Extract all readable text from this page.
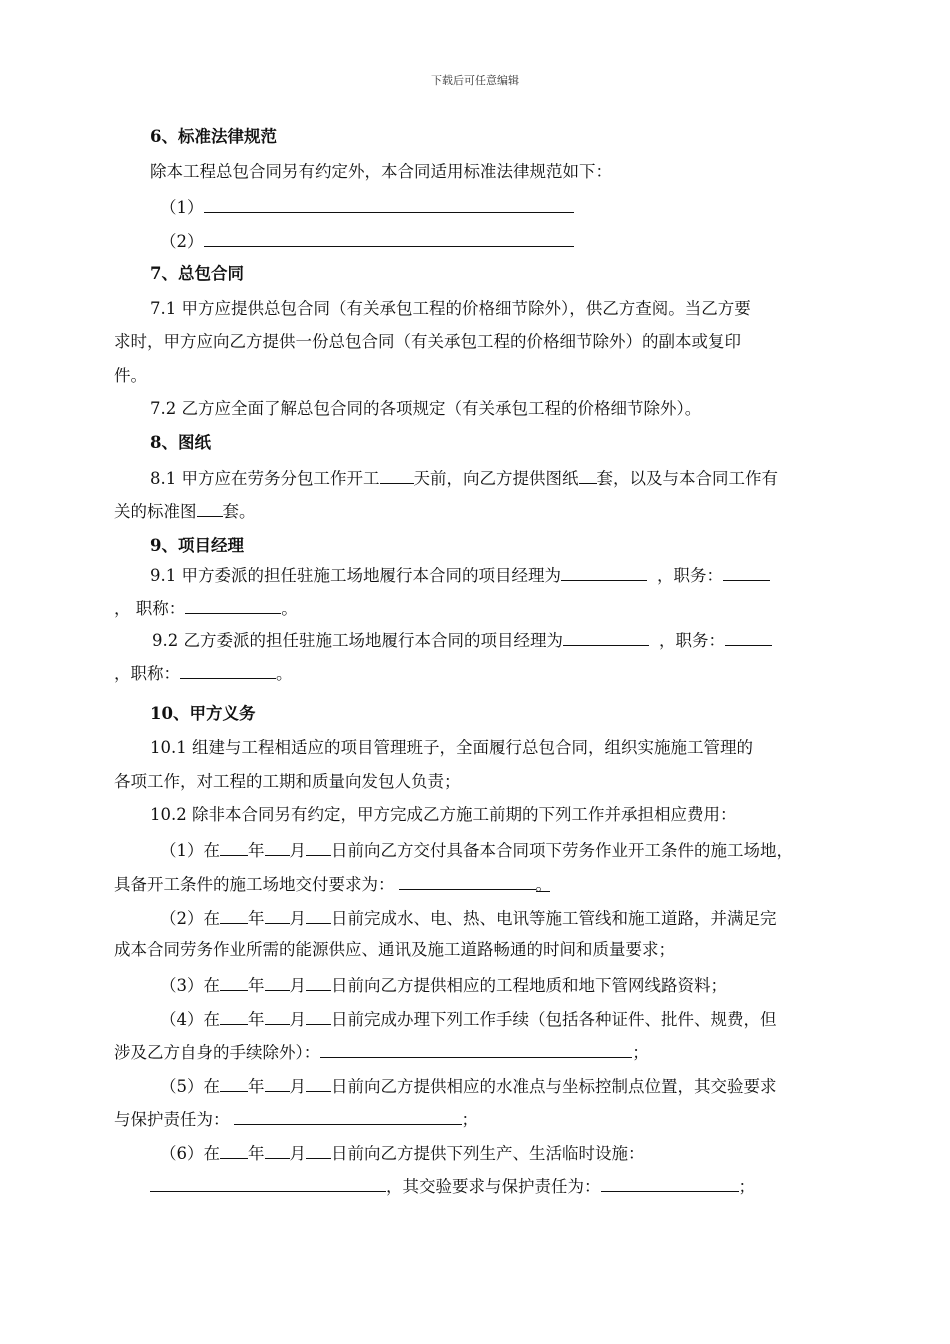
下载后可任意编辑
6、标准法律规范
除本工程总包合同另有约定外，本合同适用标准法律规范如下：
（1）
（2）
7、总包合同
7.1 甲方应提供总包合同（有关承包工程的价格细节除外），供乙方查阅。当乙方要
求时，甲方应向乙方提供一份总包合同（有关承包工程的价格细节除外）的副本或复印
件。
7.2 乙方应全面了解总包合同的各项规定（有关承包工程的价格细节除外）。
8、图纸
8.1 甲方应在劳务分包工作开工 天前，向乙方提供图纸 套，以及与本合同工作有
关的标准图 套。
9、项目经理
9.1 甲方委派的担任驻施工场地履行本合同的项目经理为	，职务：
， 职称：	。
9.2 乙方委派的担任驻施工场地履行本合同的项目经理为	，职务：
，职称：	。
10、甲方义务
10.1 组建与工程相适应的项目管理班子，全面履行总包合同，组织实施施工管理的
各项工作，对工程的工期和质量向发包人负责；
10.2 除非本合同另有约定，甲方完成乙方施工前期的下列工作并承担相应费用：
（1）在 年 月 日前向乙方交付具备本合同项下劳务作业开工条件的施工场地，
具备开工条件的施工场地交付要求为：	。
（2）在 年 月 日前完成水、电、热、电讯等施工管线和施工道路，并满足完
成本合同劳务作业所需的能源供应、通讯及施工道路畅通的时间和质量要求；
（3）在 年 月 日前向乙方提供相应的工程地质和地下管网线路资料；
（4）在 年 月 日前完成办理下列工作手续（包括各种证件、批件、规费，但
涉及乙方自身的手续除外）：	；
（5）在 年 月 日前向乙方提供相应的水准点与坐标控制点位置，其交验要求
与保护责任为：	；
（6）在 年 月 日前向乙方提供下列生产、生活临时设施：
，其交验要求与保护责任为：	；
